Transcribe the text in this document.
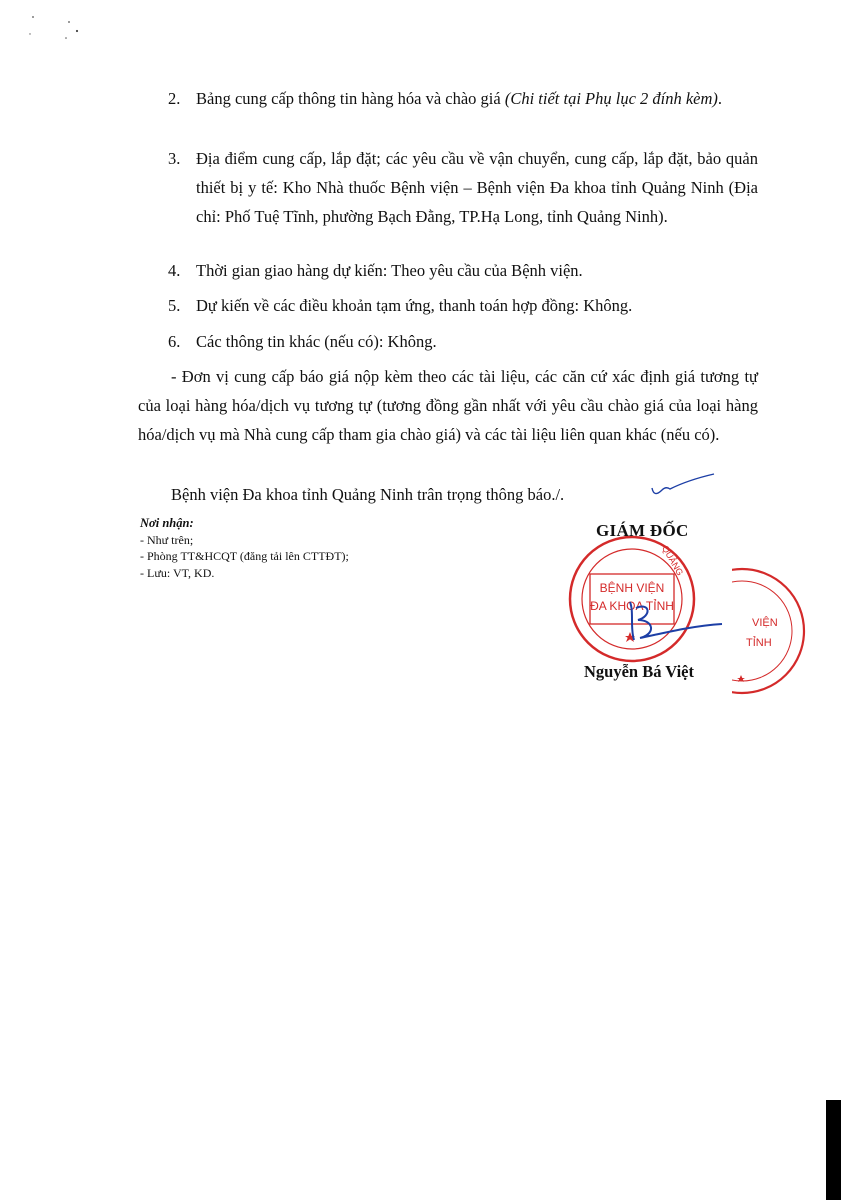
2. Bảng cung cấp thông tin hàng hóa và chào giá (Chi tiết tại Phụ lục 2 đính kèm).
3. Địa điểm cung cấp, lắp đặt; các yêu cầu về vận chuyển, cung cấp, lắp đặt, bảo quản thiết bị y tế: Kho Nhà thuốc Bệnh viện – Bệnh viện Đa khoa tỉnh Quảng Ninh (Địa chỉ: Phố Tuệ Tĩnh, phường Bạch Đằng, TP.Hạ Long, tỉnh Quảng Ninh).
4. Thời gian giao hàng dự kiến: Theo yêu cầu của Bệnh viện.
5. Dự kiến về các điều khoản tạm ứng, thanh toán hợp đồng: Không.
6. Các thông tin khác (nếu có): Không.
- Đơn vị cung cấp báo giá nộp kèm theo các tài liệu, các căn cứ xác định giá tương tự của loại hàng hóa/dịch vụ tương tự (tương đồng gần nhất với yêu cầu chào giá của loại hàng hóa/dịch vụ mà Nhà cung cấp tham gia chào giá) và các tài liệu liên quan khác (nếu có).
Bệnh viện Đa khoa tỉnh Quảng Ninh trân trọng thông báo./.
Nơi nhận:
- Như trên;
- Phòng TT&HCQT (đăng tải lên CTTĐT);
- Lưu: VT, KD.
BỆNH VIỆN
ĐA KHOA TỈNH
QUẢNG
GIÁM ĐỐC
VIỆN
TỈNH
Nguyễn Bá Việt
